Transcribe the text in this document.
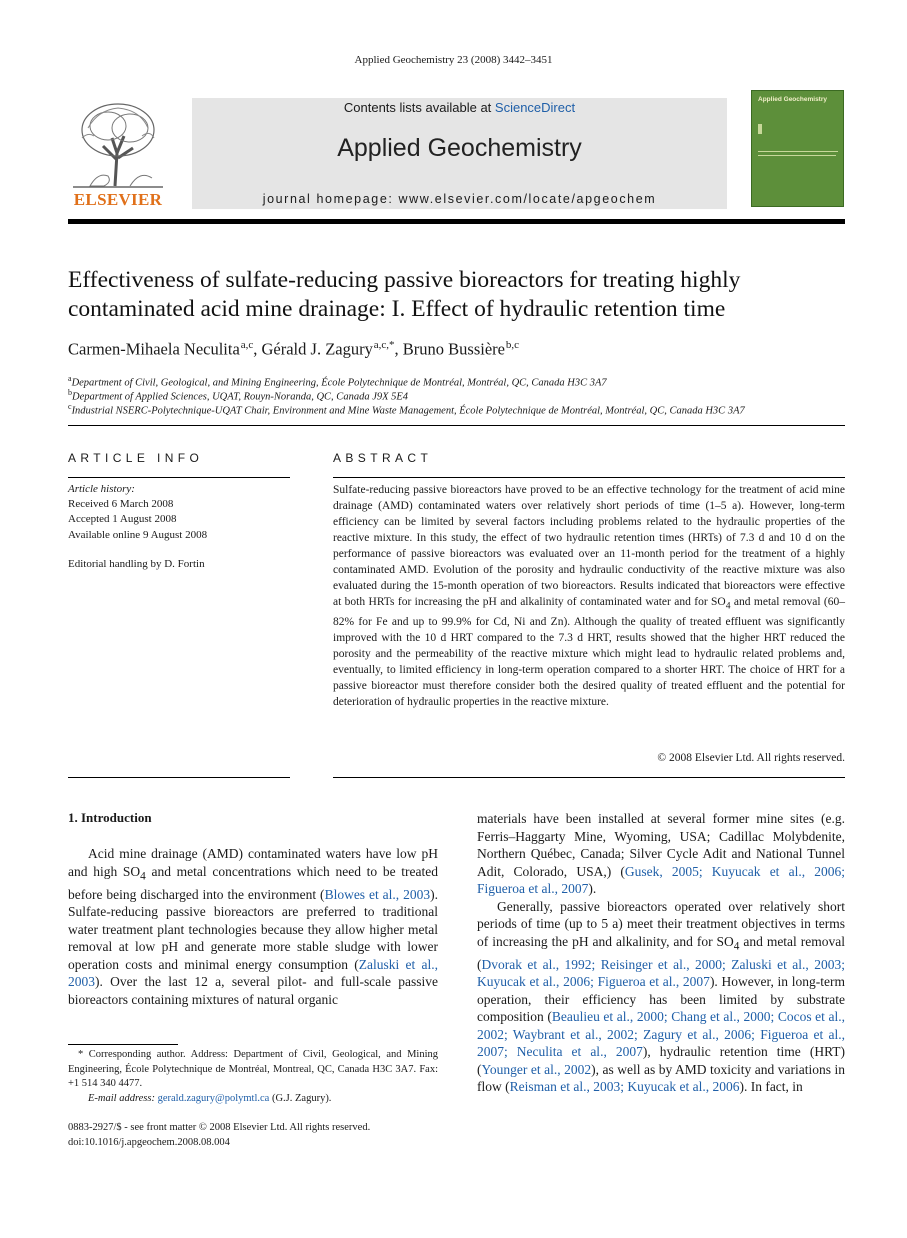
Applied Geochemistry 23 (2008) 3442–3451
ELSEVIER
Contents lists available at ScienceDirect
Applied Geochemistry
journal homepage: www.elsevier.com/locate/apgeochem
Applied Geochemistry
Effectiveness of sulfate-reducing passive bioreactors for treating highly
contaminated acid mine drainage: I. Effect of hydraulic retention time
Carmen-Mihaela Neculita $^{a,c}$, Gérald J. Zagury $^{a,c,*}$, Bruno Bussière $^{b,c}$
$^a$Department of Civil, Geological, and Mining Engineering, École Polytechnique de Montréal, Montréal, QC, Canada H3C 3A7
$^b$Department of Applied Sciences, UQAT, Rouyn-Noranda, QC, Canada J9X 5E4
$^c$Industrial NSERC-Polytechnique-UQAT Chair, Environment and Mine Waste Management, École Polytechnique de Montréal, Montréal, QC, Canada H3C 3A7
ARTICLE INFO
Article history:
Received 6 March 2008
Accepted 1 August 2008
Available online 9 August 2008
Editorial handling by D. Fortin
ABSTRACT
Sulfate-reducing passive bioreactors have proved to be an effective technology for the treatment of acid mine drainage (AMD) contaminated waters over relatively short periods of time (1–5 a). However, long-term efficiency can be limited by several factors including problems related to the hydraulic properties of the reactive mixture. In this study, the effect of two hydraulic retention times (HRTs) of 7.3 d and 10 d on the performance of passive bioreactors was evaluated over an 11-month period for the treatment of a highly contaminated AMD. Evolution of the porosity and hydraulic conductivity of the reactive mixture was also evaluated during the 15-month operation of two bioreactors. Results indicated that bioreactors were effective at both HRTs for increasing the pH and alkalinity of contaminated water and for $SO_4$ and metal removal (60–82% for Fe and up to 99.9% for Cd, Ni and Zn). Although the quality of treated effluent was significantly improved with the 10 d HRT compared to the 7.3 d HRT, results showed that the higher HRT reduced the porosity and the permeability of the reactive mixture which might lead to hydraulic related problems and, eventually, to limited efficiency in long-term operation compared to a shorter HRT. The choice of HRT for a passive bioreactor must therefore consider both the desired quality of treated effluent and the potential for deterioration of hydraulic properties in the reactive mixture.
© 2008 Elsevier Ltd. All rights reserved.
1. Introduction

Acid mine drainage (AMD) contaminated waters have low pH and high $SO_4$ and metal concentrations which need to be treated before being discharged into the environment (Blowes et al., 2003). Sulfate-reducing passive bioreactors are preferred to traditional water treatment plant technologies because they allow higher metal removal at low pH and generate more stable sludge with lower operation costs and minimal energy consumption (Zaluski et al., 2003). Over the last 12 a, several pilot- and full-scale passive bioreactors containing mixtures of natural organic

materials have been installed at several former mine sites (e.g. Ferris–Haggarty Mine, Wyoming, USA; Cadillac Molybdenite, Northern Québec, Canada; Silver Cycle Adit and National Tunnel Adit, Colorado, USA,) (Gusek, 2005; Kuyucak et al., 2006; Figueroa et al., 2007).

Generally, passive bioreactors operated over relatively short periods of time (up to 5 a) meet their treatment objectives in terms of increasing the pH and alkalinity, and for $SO_4$ and metal removal (Dvorak et al., 1992; Reisinger et al., 2000; Zaluski et al., 2003; Kuyucak et al., 2006; Figueroa et al., 2007). However, in long-term operation, their efficiency has been limited by substrate composition (Beaulieu et al., 2000; Chang et al., 2000; Cocos et al., 2002; Waybrant et al., 2002; Zagury et al., 2006; Figueroa et al., 2007; Neculita et al., 2007), hydraulic retention time (HRT) (Younger et al., 2002), as well as by AMD toxicity and variations in flow (Reisman et al., 2003; Kuyucak et al., 2006). In fact, in

* Corresponding author. Address: Department of Civil, Geological, and Mining Engineering, École Polytechnique de Montréal, Montreal, QC, Canada H3C 3A7. Fax: +1 514 340 4477.

E-mail address: gerald.zagury@polymtl.ca (G.J. Zagury).

0883-2927/$ - see front matter © 2008 Elsevier Ltd. All rights reserved.

doi:10.1016/j.apgeochem.2008.08.004
